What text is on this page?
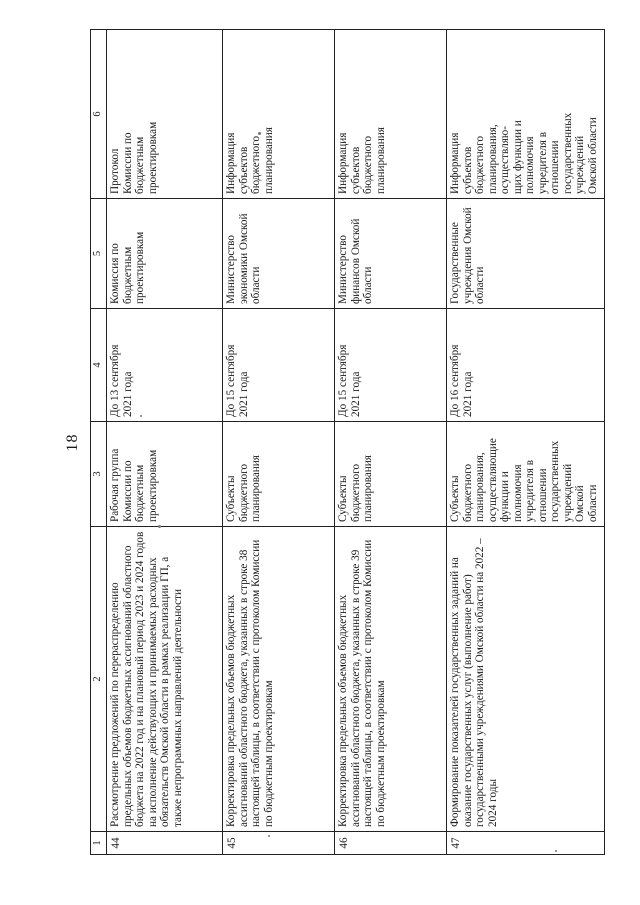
18
1
2
3
4
5
6
44
Рассмотрение предложений по перераспределению предельных объемов бюджетных ассигнований областного бюджета на 2022 год и на плановый период 2023 и 2024 годов на исполнение действующих и принимаемых расходных обязательств Омской области в рамках реализации ГП, а также непрограммных направлений деятельности
Рабочая группа
Комиссии по
бюджетным
проектировкам
До 13 сентября
2021 года
Комиссия по
бюджетным
проектировкам
Протокол
Комиссии по
бюджетным
проектировкам
45
Корректировка предельных объемов бюджетных ассигнований областного бюджета, указанных в строке 38 настоящей таблицы, в соответствии с протоколом Комиссии по бюджетным проектировкам
Субъекты
бюджетного
планирования
До 15 сентября
2021 года
Министерство
экономики Омской
области
Информация
субъектов
бюджетного
планирования
46
Корректировка предельных объемов бюджетных ассигнований областного бюджета, указанных в строке 39 настоящей таблицы, в соответствии с протоколом Комиссии по бюджетным проектировкам
Субъекты
бюджетного
планирования
До 15 сентября
2021 года
Министерство
финансов Омской
области
Информация
субъектов
бюджетного
планирования
47
Формирование показателей государственных заданий на оказание государственных услуг (выполнение работ) государственными учреждениями Омской области на 2022 – 2024 годы
Субъекты
бюджетного
планирования,
осуществляющие
функции и
полномочия
учредителя в
отношении
государственных
учреждений Омской
области
До 16 сентября
2021 года
Государственные
учреждения Омской
области
Информация
субъектов
бюджетного
планирования,
осуществляю-
щих функции и
полномочия
учредителя в
отношении
государственных
учреждений
Омской области
